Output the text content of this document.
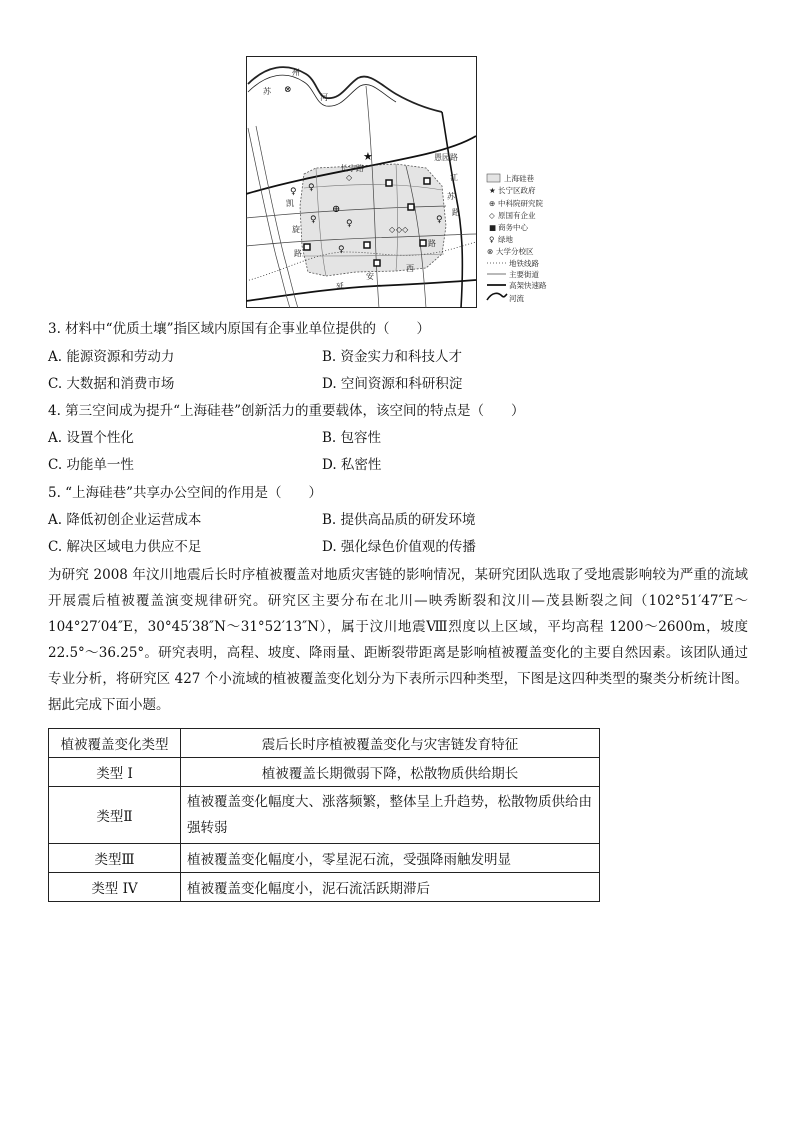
★
⊕
◇
◇◇
◇
♀ ♀
♀	♀	♀
♀
⊗
州
苏
河
长宁路
愚园路
江
苏
路
凯
旋
路
路
西
安
延
上海硅巷
★ 长宁区政府
⊕ 中科院研究院
◇ 原国有企业
■ 商务中心
♀ 绿地
⊗ 大学分校区
地铁线路
主要街道
高架快速路
河流
3. 材料中“优质土壤”指区域内原国有企事业单位提供的（　　）
A. 能源资源和劳动力	B. 资金实力和科技人才
C. 大数据和消费市场	D. 空间资源和科研积淀
4. 第三空间成为提升“上海硅巷”创新活力的重要载体，该空间的特点是（　　）
A. 设置个性化	B. 包容性
C. 功能单一性	D. 私密性
5. “上海硅巷”共享办公空间的作用是（　　）
A. 降低初创企业运营成本	B. 提供高品质的研发环境
C. 解决区域电力供应不足	D. 强化绿色价值观的传播
为研究 2008 年汶川地震后长时序植被覆盖对地质灾害链的影响情况，某研究团队选取了受地震影响较为严重的流域开展震后植被覆盖演变规律研究。研究区主要分布在北川—映秀断裂和汶川—茂县断裂之间（102°51′47″E～104°27′04″E，30°45′38″N～31°52′13″N），属于汶川地震Ⅷ烈度以上区域，平均高程 1200～2600m，坡度 22.5°～36.25°。研究表明，高程、坡度、降雨量、距断裂带距离是影响植被覆盖变化的主要自然因素。该团队通过专业分析，将研究区 427 个小流域的植被覆盖变化划分为下表所示四种类型，下图是这四种类型的聚类分析统计图。据此完成下面小题。
植被覆盖变化类型	震后长时序植被覆盖变化与灾害链发育特征
类型 I	植被覆盖长期微弱下降，松散物质供给期长
类型Ⅱ	植被覆盖变化幅度大、涨落频繁，整体呈上升趋势，松散物质供给由强转弱
类型Ⅲ	植被覆盖变化幅度小，零星泥石流，受强降雨触发明显
类型 IV	植被覆盖变化幅度小，泥石流活跃期滞后
